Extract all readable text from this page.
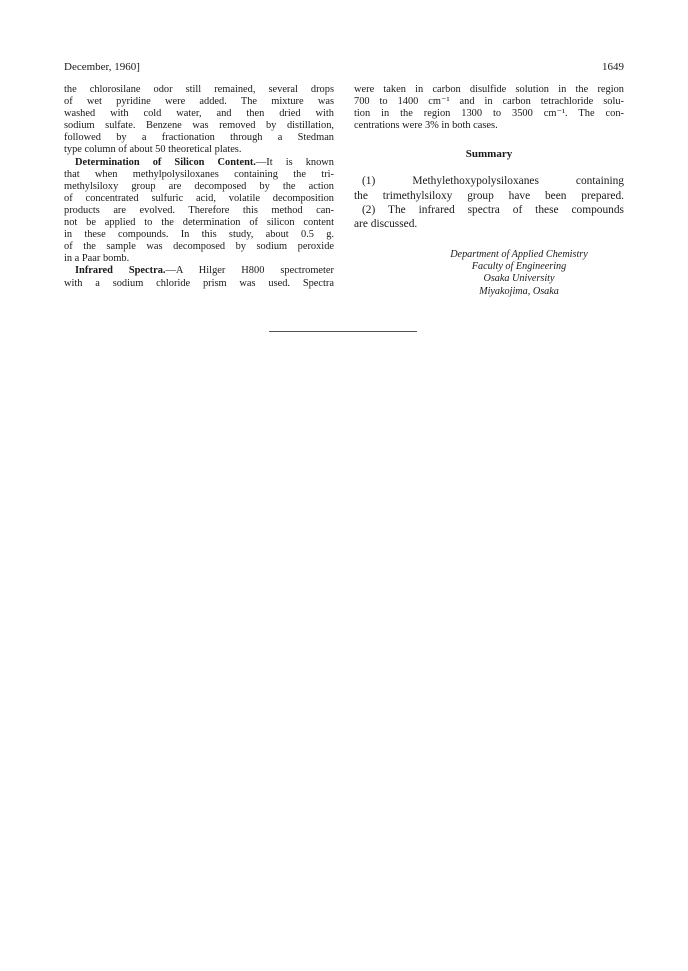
December, 1960]	1649
the chlorosilane odor still remained, several drops
of wet pyridine were added. The mixture was
washed with cold water, and then dried with
sodium sulfate. Benzene was removed by distillation,
followed by a fractionation through a Stedman
type column of about 50 theoretical plates.
Determination of Silicon Content.—It is known
that when methylpolysiloxanes containing the tri-
methylsiloxy group are decomposed by the action
of concentrated sulfuric acid, volatile decomposition
products are evolved. Therefore this method can-
not be applied to the determination of silicon content
in these compounds. In this study, about 0.5 g.
of the sample was decomposed by sodium peroxide
in a Paar bomb.
Infrared Spectra.—A Hilger H800 spectrometer
with a sodium chloride prism was used. Spectra
were taken in carbon disulfide solution in the region
700 to 1400 cm⁻¹ and in carbon tetrachloride solu-
tion in the region 1300 to 3500 cm⁻¹. The con-
centrations were 3% in both cases.
Summary
(1) Methylethoxypolysiloxanes containing
the trimethylsiloxy group have been prepared.
(2) The infrared spectra of these compounds
are discussed.
Department of Applied Chemistry
Faculty of Engineering
Osaka University
Miyakojima, Osaka
